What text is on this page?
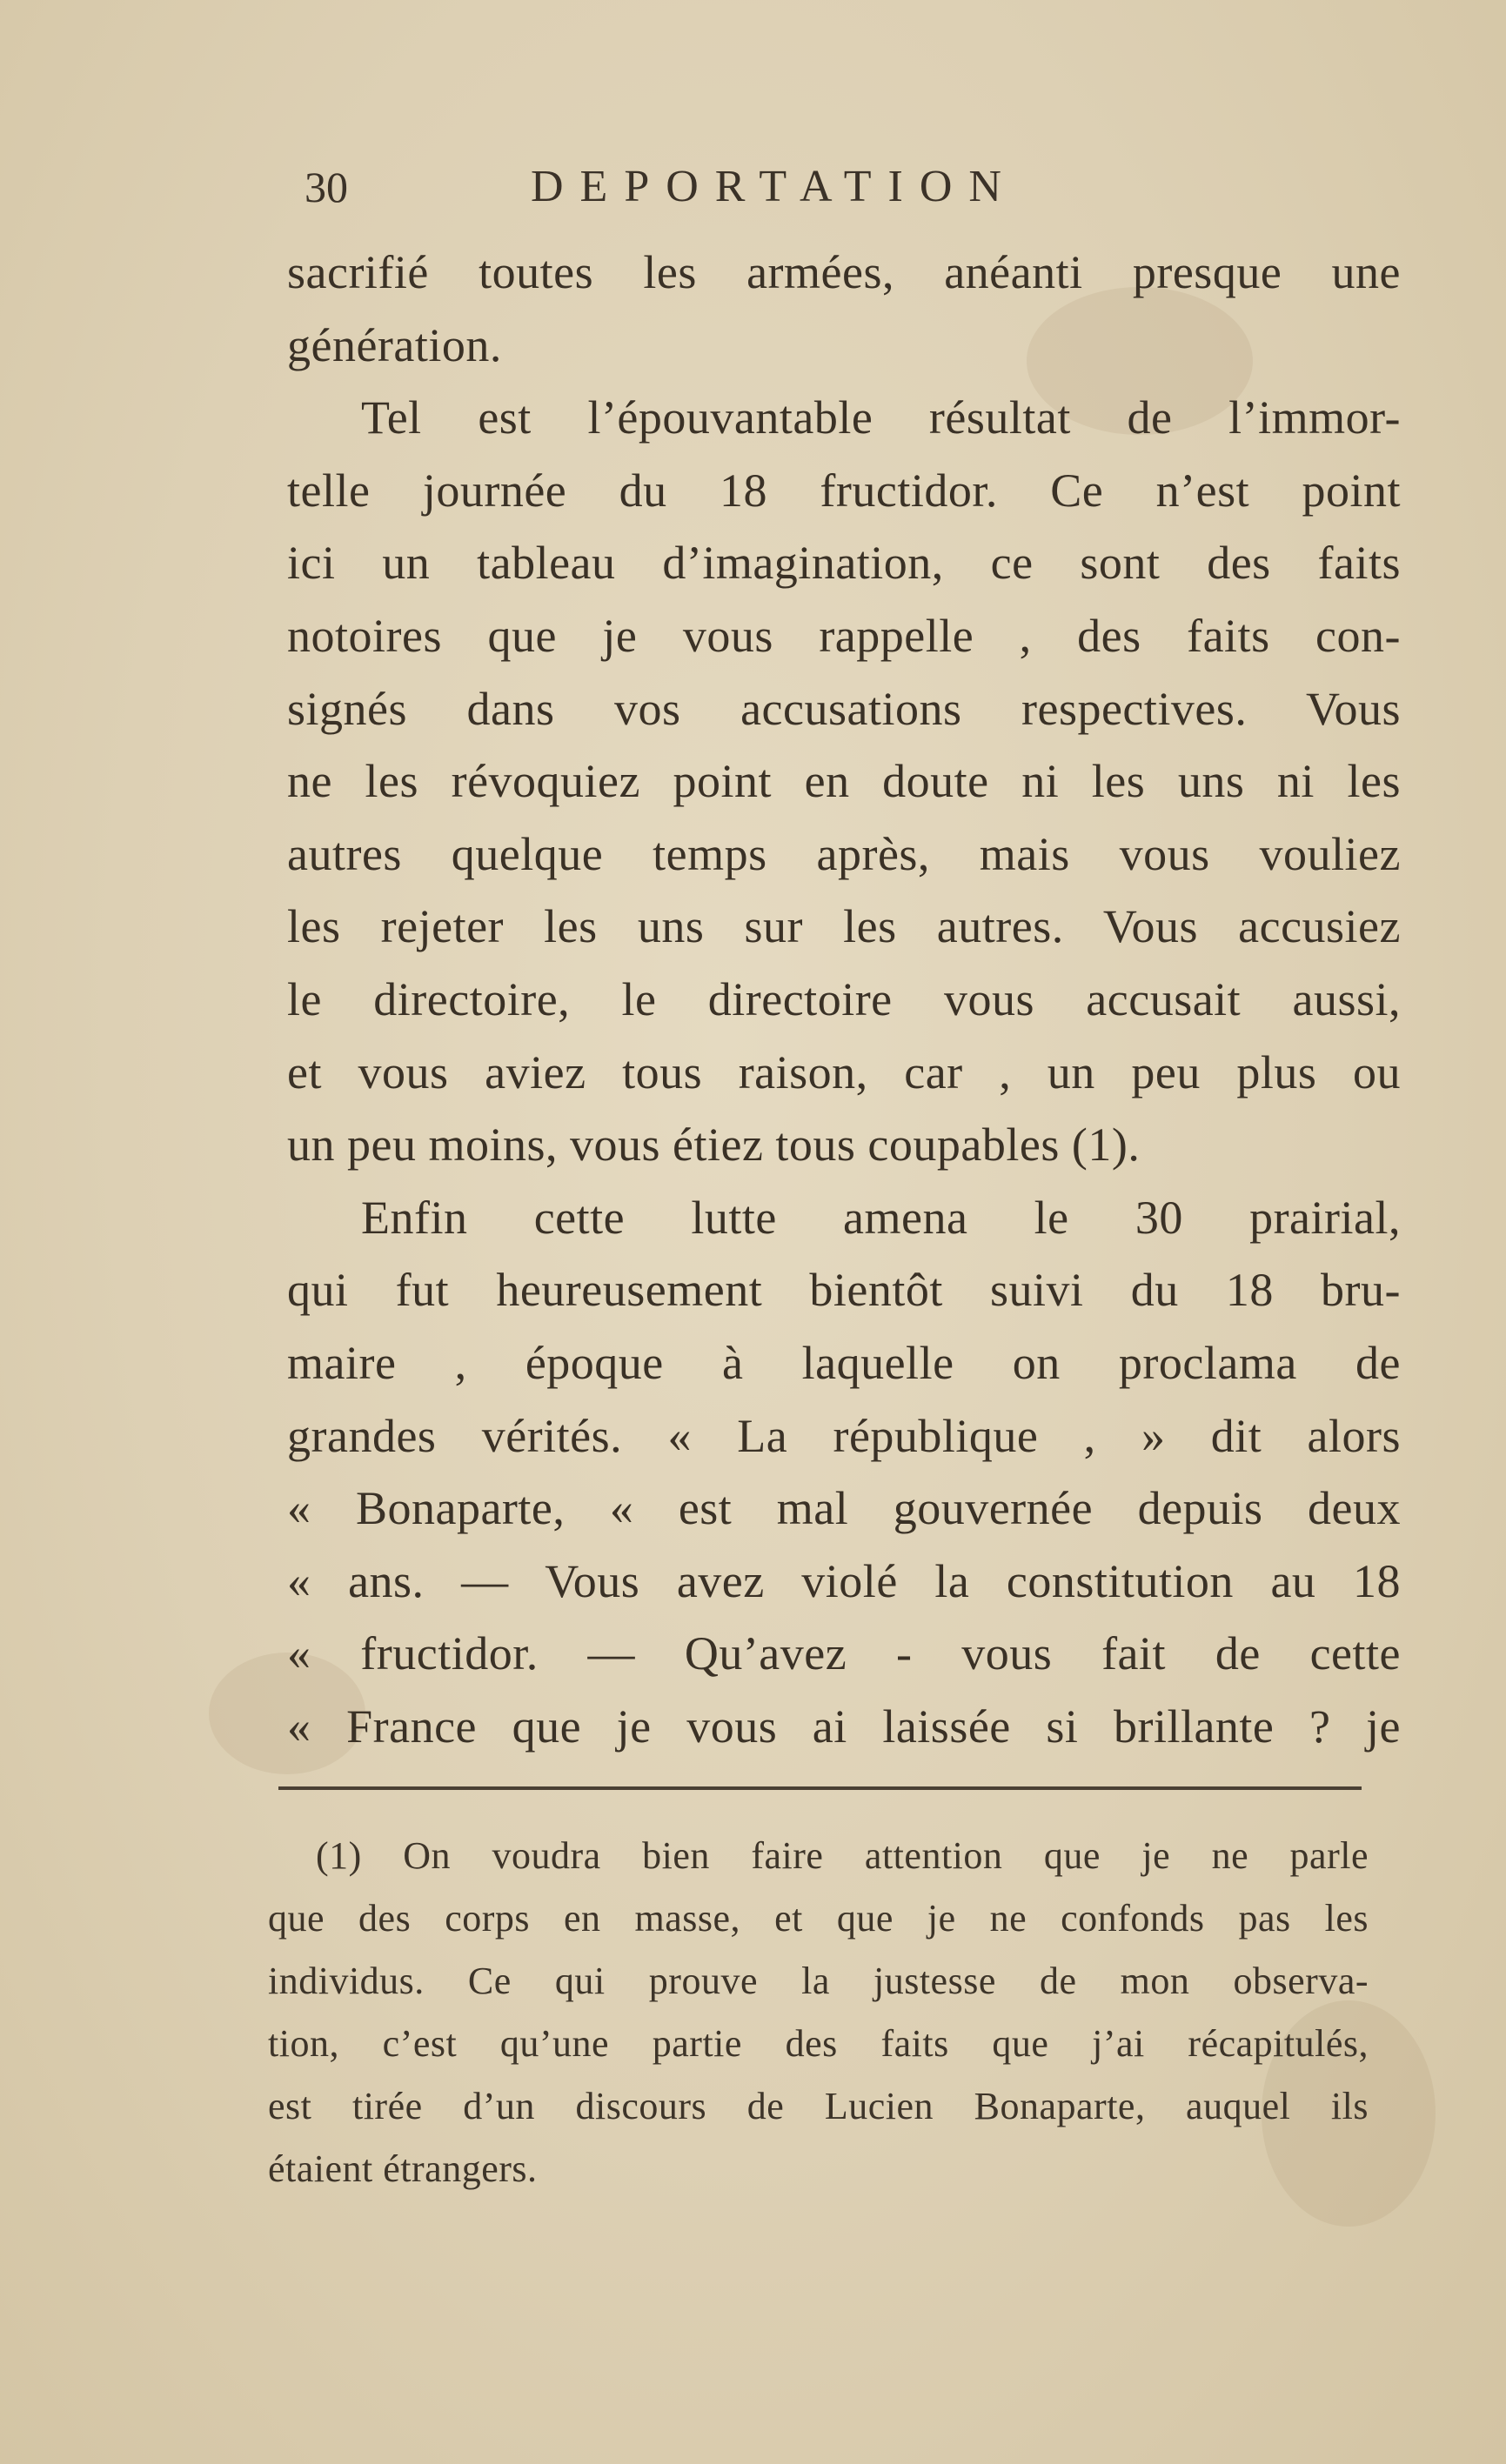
30	DEPORTATION
sacrifié toutes les armées, anéanti presque une
génération.
Tel est l’épouvantable résultat de l’immor-
telle journée du 18 fructidor. Ce n’est point
ici un tableau d’imagination, ce sont des faits
notoires que je vous rappelle , des faits con-
signés dans vos accusations respectives. Vous
ne les révoquiez point en doute ni les uns ni les
autres quelque temps après, mais vous vouliez
les rejeter les uns sur les autres. Vous accusiez
le directoire, le directoire vous accusait aussi,
et vous aviez tous raison, car , un peu plus ou
un peu moins, vous étiez tous coupables (1).
Enfin cette lutte amena le 30 prairial,
qui fut heureusement bientôt suivi du 18 bru-
maire , époque à laquelle on proclama de
grandes vérités. « La république , » dit alors
« Bonaparte, « est mal gouvernée depuis deux
« ans. — Vous avez violé la constitution au 18
« fructidor. — Qu’avez - vous fait de cette
« France que je vous ai laissée si brillante ? je
(1) On voudra bien faire attention que je ne parle
que des corps en masse, et que je ne confonds pas les
individus. Ce qui prouve la justesse de mon observa-
tion, c’est qu’une partie des faits que j’ai récapitulés,
est tirée d’un discours de Lucien Bonaparte, auquel ils
étaient étrangers.
